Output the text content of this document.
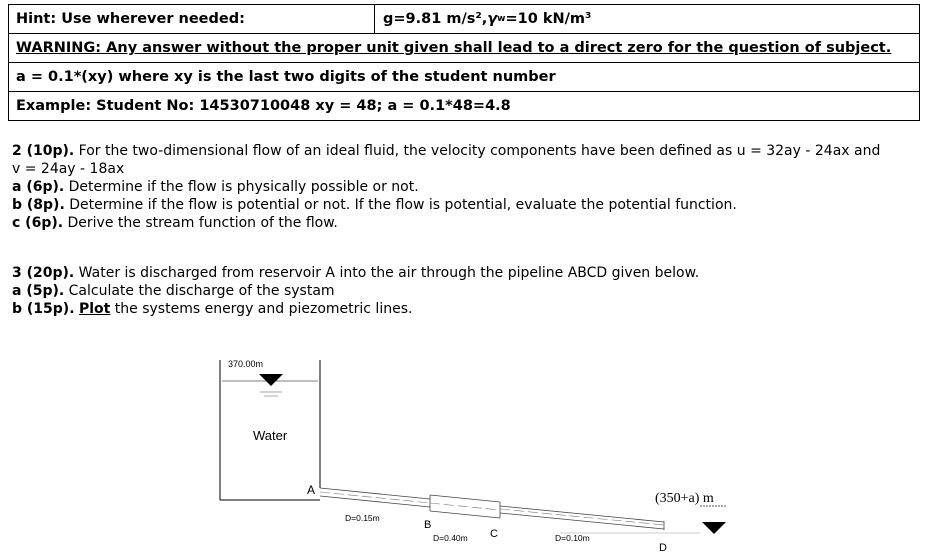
Hint: Use wherever needed:	g=9.81 m/s², γ w =10 kN/m³
WARNING: Any answer without the proper unit given shall lead to a direct zero for the question of subject.
a = 0.1*(xy) where xy is the last two digits of the student number
Example: Student No: 14530710048 xy = 48; a = 0.1*48=4.8

2 (10p). For the two-dimensional flow of an ideal fluid, the velocity components have been defined as u = 32ay - 24ax and

v = 24ay - 18ax

a (6p). Determine if the flow is physically possible or not.

b (8p). Determine if the flow is potential or not. If the flow is potential, evaluate the potential function.

c (6p). Derive the stream function of the flow.

3 (20p). Water is discharged from reservoir A into the air through the pipeline ABCD given below.

a (5p). Calculate the discharge of the systam

b (15p). Plot the systems energy and piezometric lines.

370.00m
Water
A
B
C
D
D=0.15m
D=0.40m	D=0.10m
(350+a) m
